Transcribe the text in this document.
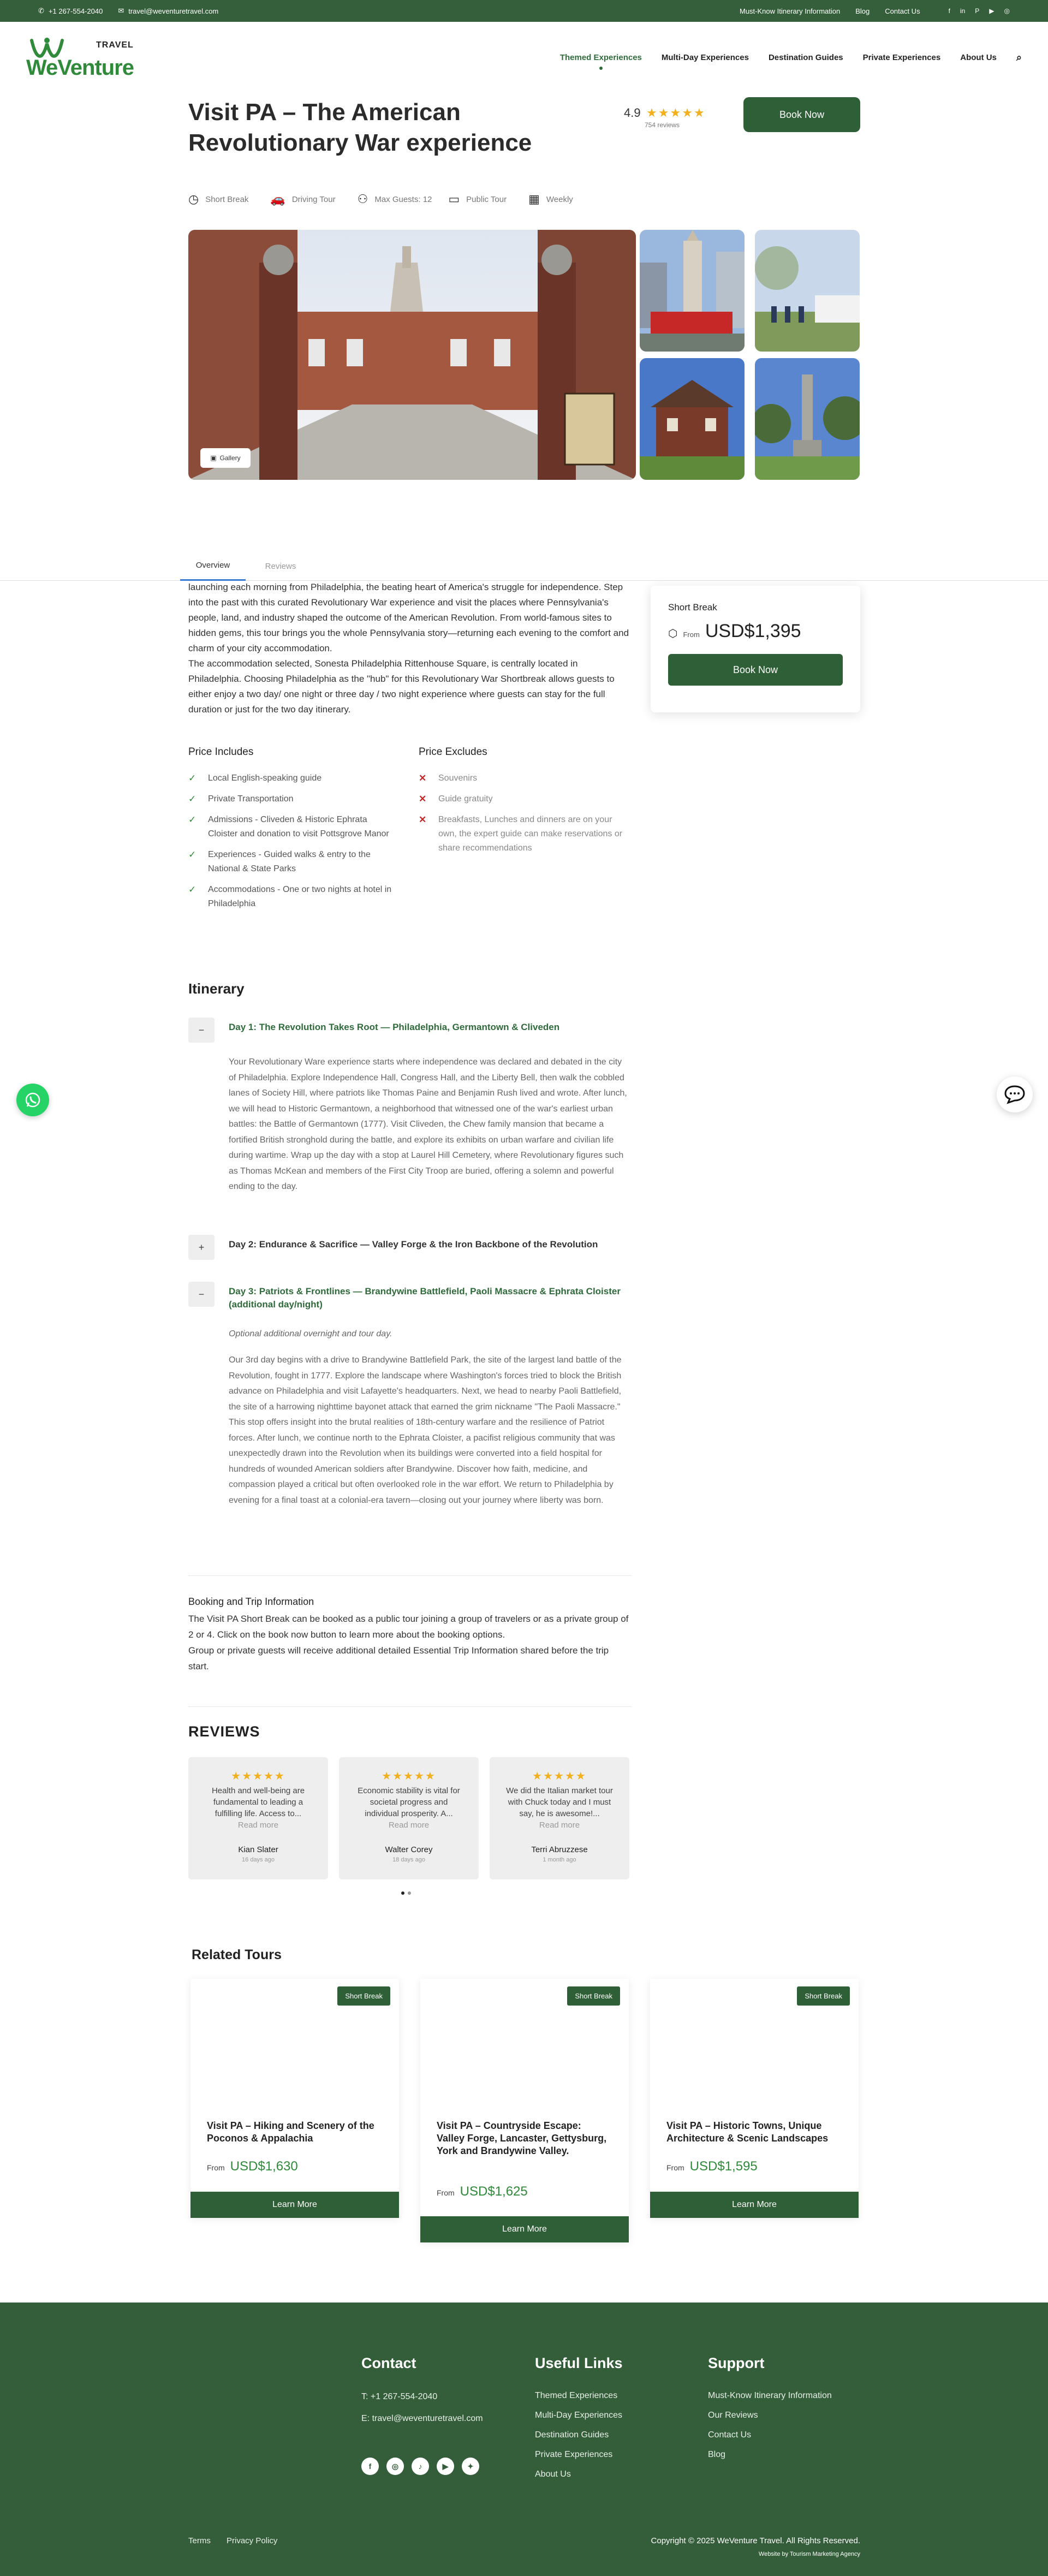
✆ +1 267-554-2040 ✉ travel@weventuretravel.com	Must-Know Itinerary Information Blog Contact Us	f in P ▶ ◎
TRAVEL
WeVenture	Themed Experiences Multi-Day Experiences Destination Guides Private Experiences About Us ⌕
Visit PA – The American Revolutionary War experience
4.9 ★★★★★
754 reviews
Book Now
◷ Short Break 🚗 Driving Tour ⚇ Max Guests: 12 ▭ Public Tour ▦ Weekly
▣ Gallery
Overview	Reviews

launching each morning from Philadelphia, the beating heart of America's struggle for independence. Step into the past with this curated Revolutionary War experience and visit the places where Pennsylvania's people, land, and industry shaped the outcome of the American Revolution. From world-famous sites to hidden gems, this tour brings you the whole Pennsylvania story—returning each evening to the comfort and charm of your city accommodation.

The accommodation selected, Sonesta Philadelphia Rittenhouse Square, is centrally located in Philadelphia. Choosing Philadelphia as the "hub" for this Revolutionary War Shortbreak allows guests to either enjoy a two day/ one night or three day / two night experience where guests can stay for the full duration or just for the two day itinerary.

Short Break
⬡ From USD$1,395
Book Now
Price Includes
✓ Local English-speaking guide
✓ Private Transportation
✓ Admissions - Cliveden & Historic Ephrata Cloister and donation to visit Pottsgrove Manor
✓ Experiences - Guided walks & entry to the National & State Parks
✓ Accommodations - One or two nights at hotel in Philadelphia
Price Excludes
✕ Souvenirs
✕ Guide gratuity
✕ Breakfasts, Lunches and dinners are on your own, the expert guide can make reservations or share recommendations
Itinerary
−	Day 1: The Revolution Takes Root — Philadelphia, Germantown & Cliveden
Your Revolutionary Ware experience starts where independence was declared and debated in the city of Philadelphia. Explore Independence Hall, Congress Hall, and the Liberty Bell, then walk the cobbled lanes of Society Hill, where patriots like Thomas Paine and Benjamin Rush lived and wrote. After lunch, we will head to Historic Germantown, a neighborhood that witnessed one of the war's earliest urban battles: the Battle of Germantown (1777). Visit Cliveden, the Chew family mansion that became a fortified British stronghold during the battle, and explore its exhibits on urban warfare and civilian life during wartime. Wrap up the day with a stop at Laurel Hill Cemetery, where Revolutionary figures such as Thomas McKean and members of the First City Troop are buried, offering a solemn and powerful ending to the day.
+	Day 2: Endurance & Sacrifice — Valley Forge & the Iron Backbone of the Revolution
−	Day 3: Patriots & Frontlines — Brandywine Battlefield, Paoli Massacre & Ephrata Cloister (additional day/night)
Optional additional overnight and tour day.
Our 3rd day begins with a drive to Brandywine Battlefield Park, the site of the largest land battle of the Revolution, fought in 1777. Explore the landscape where Washington's forces tried to block the British advance on Philadelphia and visit Lafayette's headquarters. Next, we head to nearby Paoli Battlefield, the site of a harrowing nighttime bayonet attack that earned the grim nickname "The Paoli Massacre." This stop offers insight into the brutal realities of 18th-century warfare and the resilience of Patriot forces. After lunch, we continue north to the Ephrata Cloister, a pacifist religious community that was unexpectedly drawn into the Revolution when its buildings were converted into a field hospital for hundreds of wounded American soldiers after Brandywine. Discover how faith, medicine, and compassion played a critical but often overlooked role in the war effort. We return to Philadelphia by evening for a final toast at a colonial-era tavern—closing out your journey where liberty was born.
Booking and Trip Information

The Visit PA Short Break can be booked as a public tour joining a group of travelers or as a private group of 2 or 4. Click on the book now button to learn more about the booking options.

Group or private guests will receive additional detailed Essential Trip Information shared before the trip start.

REVIEWS
★★★★★
Health and well-being are fundamental to leading a fulfilling life. Access to...
Read more
Kian Slater
16 days ago
★★★★★
Economic stability is vital for societal progress and individual prosperity. A...
Read more
Walter Corey
18 days ago
★★★★★
We did the Italian market tour with Chuck today and I must say, he is awesome!...
Read more
Terri Abruzzese
1 month ago
Related Tours
Short Break
Visit PA – Hiking and Scenery of the Poconos & Appalachia
From USD$1,630
Learn More
Short Break
Visit PA – Countryside Escape: Valley Forge, Lancaster, Gettysburg, York and Brandywine Valley.
From USD$1,625
Learn More
Short Break
Visit PA – Historic Towns, Unique Architecture & Scenic Landscapes
From USD$1,595
Learn More
Contact
T: +1 267-554-2040
E: travel@weventuretravel.com
f	◎	♪	▶	✦
Useful Links
Themed Experiences
Multi-Day Experiences
Destination Guides
Private Experiences
About Us
Support
Must-Know Itinerary Information
Our Reviews
Contact Us
Blog
Terms Privacy Policy	Copyright © 2025 WeVenture Travel. All Rights Reserved.
Website by Tourism Marketing Agency
